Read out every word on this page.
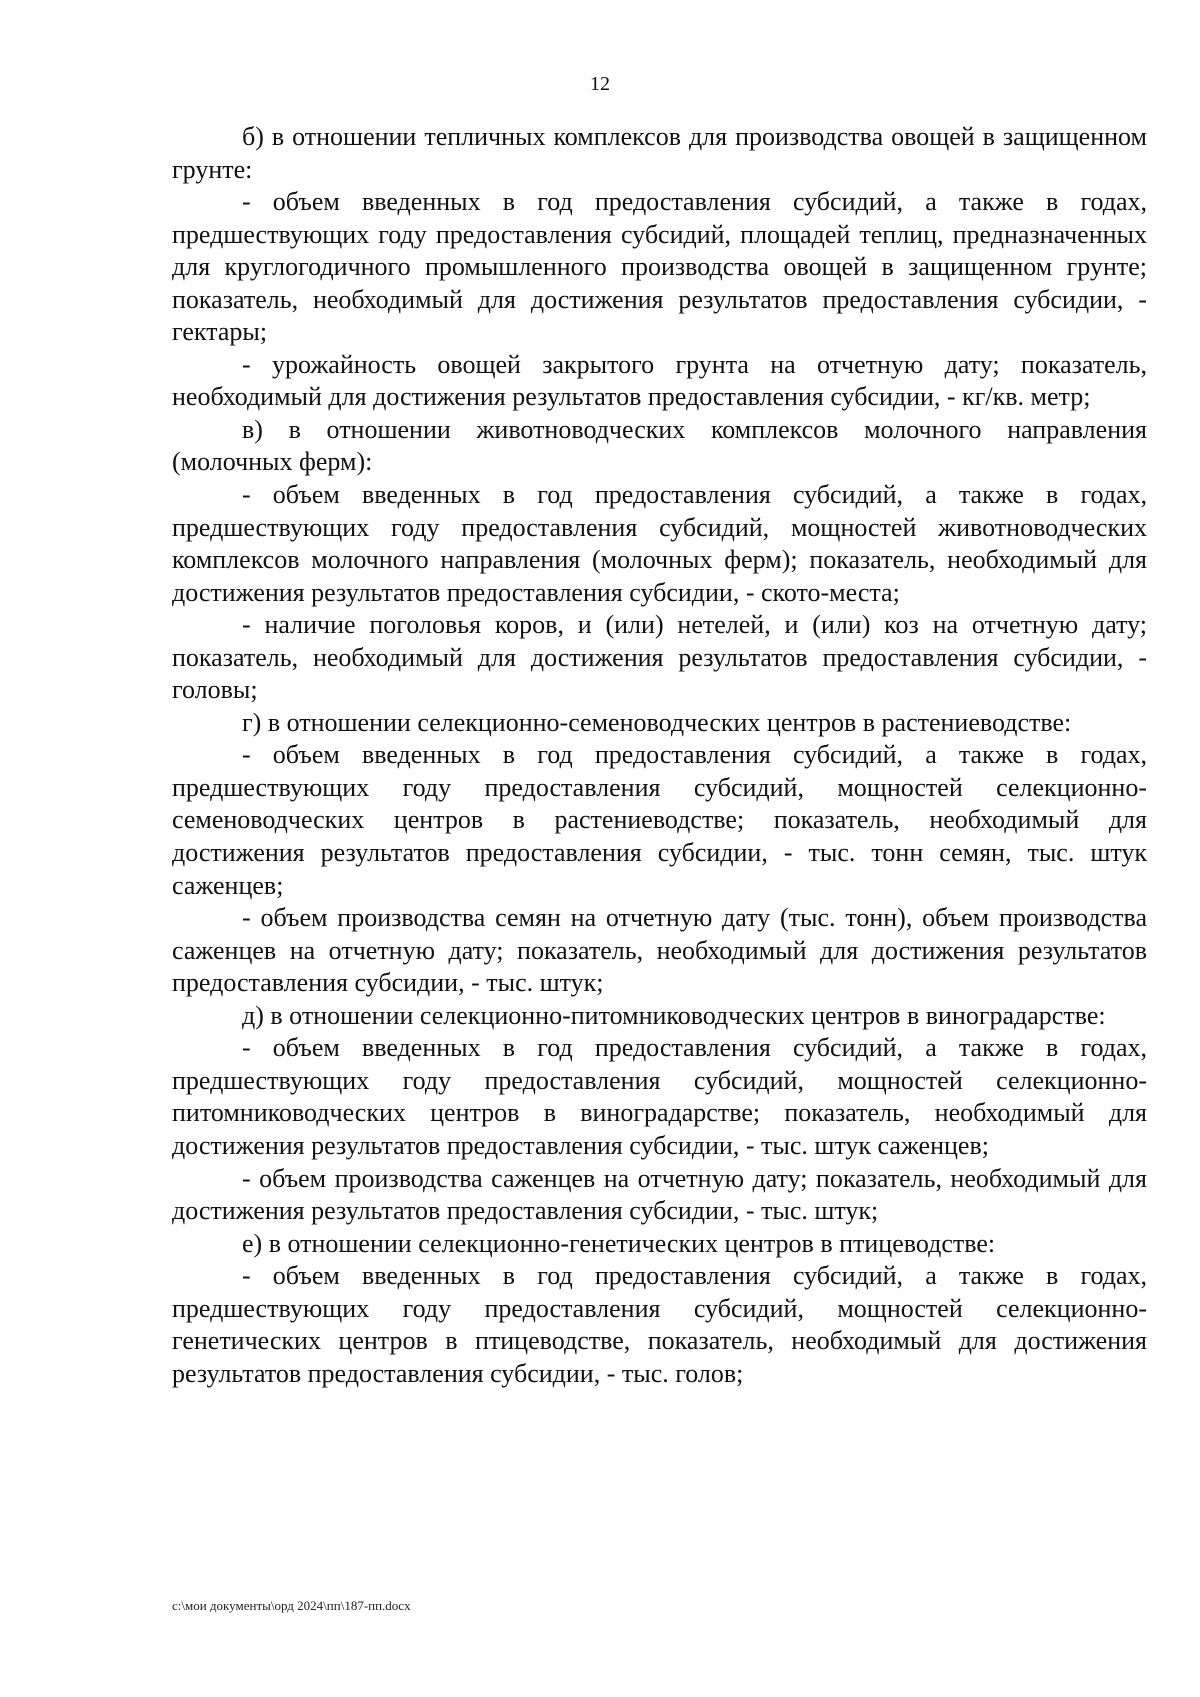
12

б) в отношении тепличных комплексов для производства овощей в защищенном грунте:

- объем введенных в год предоставления субсидий, а также в годах, предшествующих году предоставления субсидий, площадей теплиц, предназначенных для круглогодичного промышленного производства овощей в защищенном грунте; показатель, необходимый для достижения результатов предоставления субсидии, - гектары;

- урожайность овощей закрытого грунта на отчетную дату; показатель, необходимый для достижения результатов предоставления субсидии, - кг/кв. метр;

в) в отношении животноводческих комплексов молочного направления (молочных ферм):

- объем введенных в год предоставления субсидий, а также в годах, предшествующих году предоставления субсидий, мощностей животноводческих комплексов молочного направления (молочных ферм); показатель, необходимый для достижения результатов предоставления субсидии, - ското-места;

- наличие поголовья коров, и (или) нетелей, и (или) коз на отчетную дату; показатель, необходимый для достижения результатов предоставления субсидии, - головы;

г) в отношении селекционно-семеноводческих центров в растениеводстве:

- объем введенных в год предоставления субсидий, а также в годах, предшествующих году предоставления субсидий, мощностей селекционно-семеноводческих центров в растениеводстве; показатель, необходимый для достижения результатов предоставления субсидии, - тыс. тонн семян, тыс. штук саженцев;

- объем производства семян на отчетную дату (тыс. тонн), объем производства саженцев на отчетную дату; показатель, необходимый для достижения результатов предоставления субсидии, - тыс. штук;

д) в отношении селекционно-питомниководческих центров в виноградарстве:

- объем введенных в год предоставления субсидий, а также в годах, предшествующих году предоставления субсидий, мощностей селекционно-питомниководческих центров в виноградарстве; показатель, необходимый для достижения результатов предоставления субсидии, - тыс. штук саженцев;

- объем производства саженцев на отчетную дату; показатель, необходимый для достижения результатов предоставления субсидии, - тыс. штук;

е) в отношении селекционно-генетических центров в птицеводстве:

- объем введенных в год предоставления субсидий, а также в годах, предшествующих году предоставления субсидий, мощностей селекционно-генетических центров в птицеводстве, показатель, необходимый для достижения результатов предоставления субсидии, - тыс. голов;

c:\мои документы\орд 2024\пп\187-пп.docx
